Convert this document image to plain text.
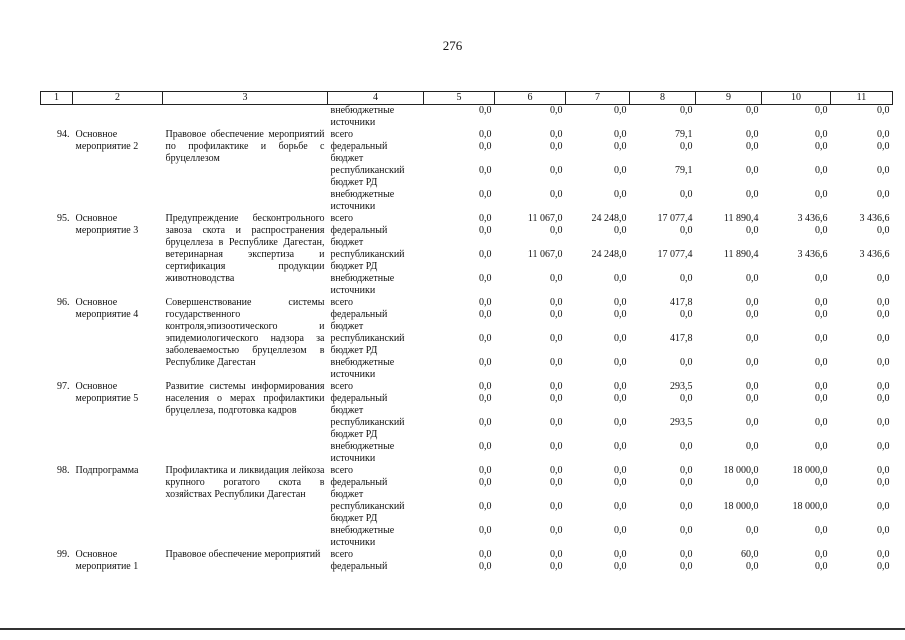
276
1	2	3	4	5	6	7	8	9	10	11
			внебюджетные источники	0,0	0,0	0,0	0,0	0,0	0,0	0,0
94.	Основное мероприятие 2	Правовое обеспечение мероприятий по профилактике и борьбе с бруцеллезом	всего	0,0	0,0	0,0	79,1	0,0	0,0	0,0
			федеральный бюджет	0,0	0,0	0,0	0,0	0,0	0,0	0,0
			республиканский бюджет РД	0,0	0,0	0,0	79,1	0,0	0,0	0,0
			внебюджетные источники	0,0	0,0	0,0	0,0	0,0	0,0	0,0
95.	Основное мероприятие 3	Предупреждение бесконтрольного завоза скота и распространения бруцеллеза в Республике Дагестан, ветеринарная экспертиза и сертификация продукции животноводства	всего	0,0	11 067,0	24 248,0	17 077,4	11 890,4	3 436,6	3 436,6
			федеральный бюджет	0,0	0,0	0,0	0,0	0,0	0,0	0,0
			республиканский бюджет РД	0,0	11 067,0	24 248,0	17 077,4	11 890,4	3 436,6	3 436,6
			внебюджетные источники	0,0	0,0	0,0	0,0	0,0	0,0	0,0
96.	Основное мероприятие 4	Совершенствование системы государственного контроля,эпизоотического и эпидемиологического надзора за заболеваемостью бруцеллезом в Республике Дагестан	всего	0,0	0,0	0,0	417,8	0,0	0,0	0,0
			федеральный бюджет	0,0	0,0	0,0	0,0	0,0	0,0	0,0
			республиканский бюджет РД	0,0	0,0	0,0	417,8	0,0	0,0	0,0
			внебюджетные источники	0,0	0,0	0,0	0,0	0,0	0,0	0,0
97.	Основное мероприятие 5	Развитие системы информирования населения о мерах профилактики бруцеллеза, подготовка кадров	всего	0,0	0,0	0,0	293,5	0,0	0,0	0,0
			федеральный бюджет	0,0	0,0	0,0	0,0	0,0	0,0	0,0
			республиканский бюджет РД	0,0	0,0	0,0	293,5	0,0	0,0	0,0
			внебюджетные источники	0,0	0,0	0,0	0,0	0,0	0,0	0,0
98.	Подпрограмма	Профилактика и ликвидация лейкоза крупного рогатого скота в хозяйствах Республики Дагестан	всего	0,0	0,0	0,0	0,0	18 000,0	18 000,0	0,0
			федеральный бюджет	0,0	0,0	0,0	0,0	0,0	0,0	0,0
			республиканский бюджет РД	0,0	0,0	0,0	0,0	18 000,0	18 000,0	0,0
			внебюджетные источники	0,0	0,0	0,0	0,0	0,0	0,0	0,0
99.	Основное мероприятие 1	Правовое обеспечение мероприятий	всего	0,0	0,0	0,0	0,0	60,0	0,0	0,0
			федеральный	0,0	0,0	0,0	0,0	0,0	0,0	0,0
